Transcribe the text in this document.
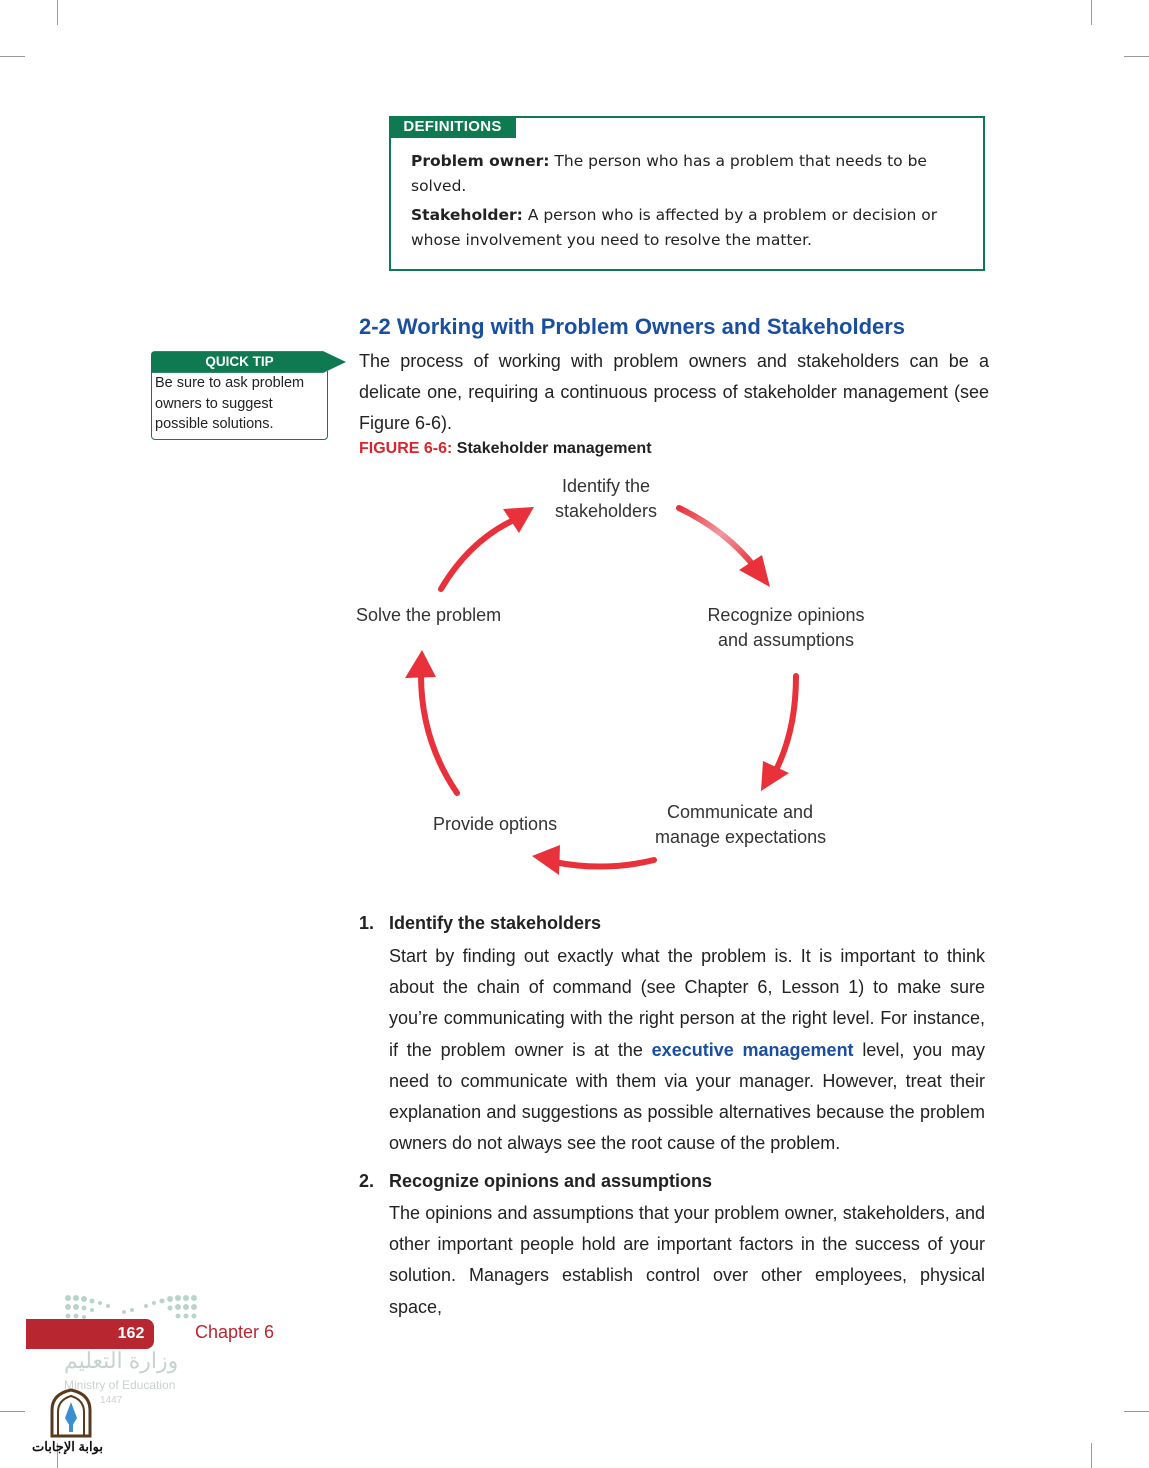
DEFINITIONS
Problem owner: The person who has a problem that needs to be solved.
Stakeholder: A person who is affected by a problem or decision or whose involvement you need to resolve the matter.
2-2 Working with Problem Owners and Stakeholders
The process of working with problem owners and stakeholders can be a delicate one, requiring a continuous process of stakeholder management (see Figure 6-6).
QUICK TIP
Be sure to ask problem owners to suggest possible solutions.
FIGURE 6-6: Stakeholder management
Identify the
stakeholders
Recognize opinions
and assumptions
Communicate and
manage expectations
Provide options
Solve the problem
1. Identify the stakeholders
Start by finding out exactly what the problem is. It is important to think about the chain of command (see Chapter 6, Lesson 1) to make sure you’re communicating with the right person at the right level. For instance, if the problem owner is at the executive management level, you may need to communicate with them via your manager. However, treat their explanation and suggestions as possible alternatives because the problem owners do not always see the root cause of the problem.
2. Recognize opinions and assumptions
The opinions and assumptions that your problem owner, stakeholders, and other important people hold are important factors in the success of your solution. Managers establish control over other employees, physical space,
162	Chapter 6
وزارة التعليم
Ministry of Education
1447
بوابة الإجابات
